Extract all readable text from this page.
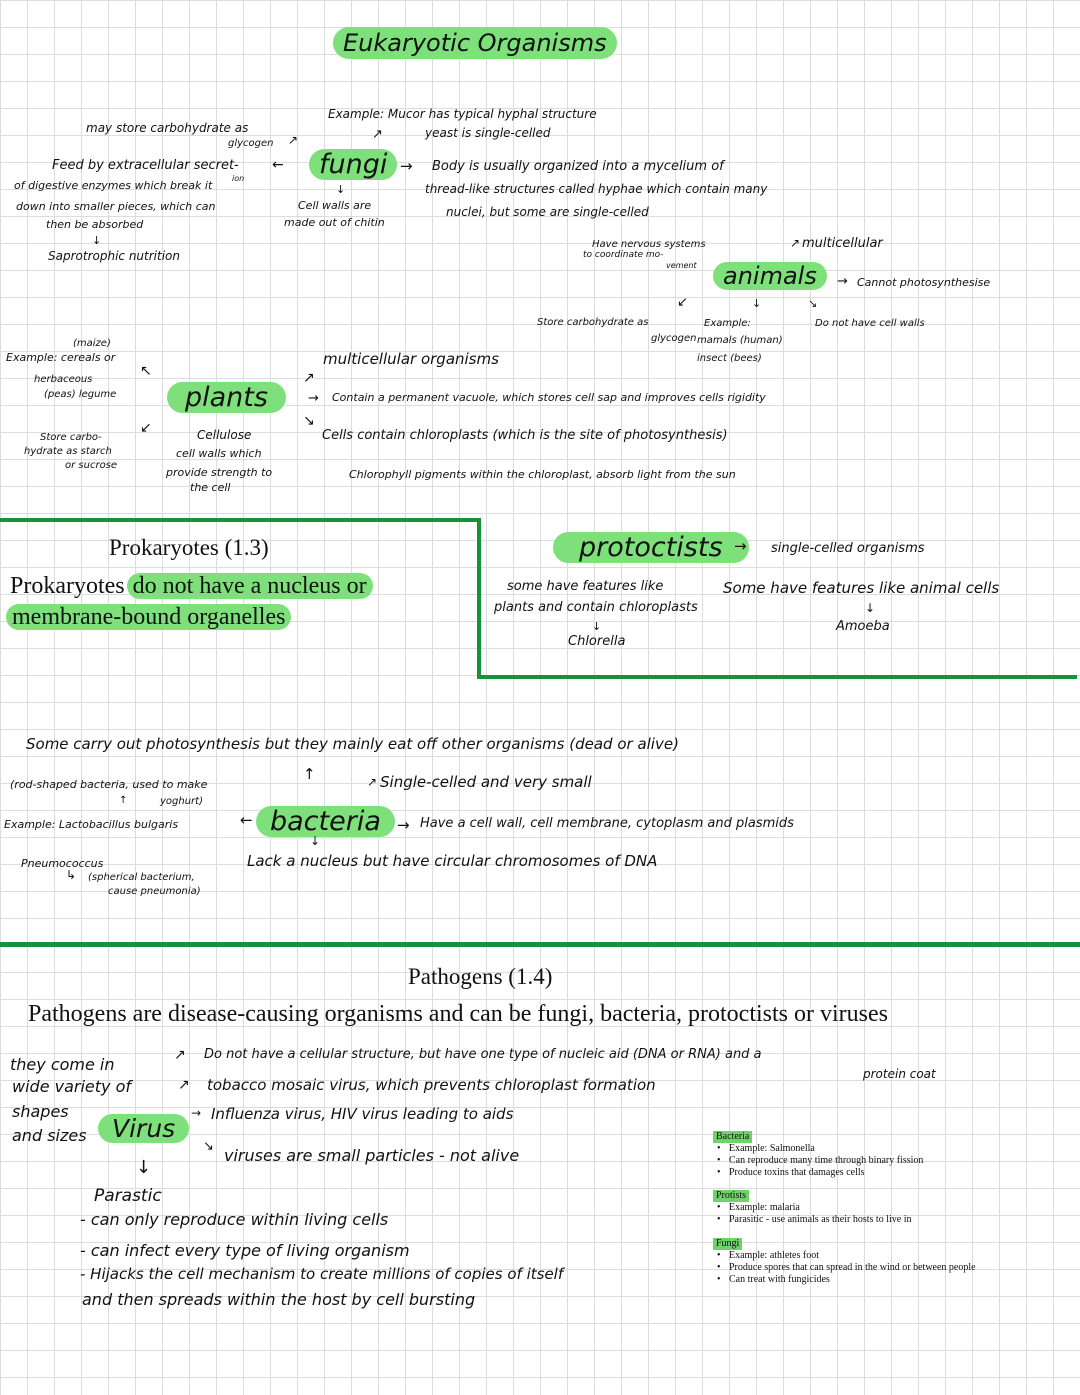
Eukaryotic Organisms
Example: Mucor has typical hyphal structure
↗	yeast is single-celled
may store carbohydrate as
glycogen ↗
Feed by extracellular secret- ←
ion
of digestive enzymes which break it
down into smaller pieces, which can
then be absorbed
↓
Saprotrophic nutrition
fungi
↓
Cell walls are
made out of chitin
→ Body is usually organized into a mycelium of
thread-like structures called hyphae which contain many
nuclei, but some are single-celled
Have nervous systems
to coordinate mo-
vement
↗ multicellular
animals	→ Cannot photosynthesise
↙	↓	↘
Store carbohydrate as
glycogen
Example:
mamals (human)
insect (bees)
Do not have cell walls
(maize)
Example: cereals or
↖
herbaceous
(peas) legume
↙
Store carbo-
hydrate as starch
or sucrose
plants
Cellulose
cell walls which
provide strength to
the cell
multicellular organisms
↗
→ Contain a permanent vacuole, which stores cell sap and improves cells rigidity
↘
Cells contain chloroplasts (which is the site of photosynthesis)
Chlorophyll pigments within the chloroplast, absorb light from the sun
Prokaryotes (1.3)
Prokaryotes do not have a nucleus or
membrane-bound organelles
protoctists → single-celled organisms
some have features like
plants and contain chloroplasts
↓
Chlorella
Some have features like animal cells
↓
Amoeba
Some carry out photosynthesis but they mainly eat off other organisms (dead or alive)
(rod-shaped bacteria, used to make
↑	yoghurt)
Example: Lactobacillus bulgaris
↑	↗ Single-celled and very small
← bacteria	→ Have a cell wall, cell membrane, cytoplasm and plasmids
↓
Lack a nucleus but have circular chromosomes of DNA
Pneumococcus
↳ (spherical bacterium,
cause pneumonia)
Pathogens (1.4)
Pathogens are disease-causing organisms and can be fungi, bacteria, protoctists or viruses
they come in
wide variety of
shapes
and sizes
↗
↗
→
Virus
Do not have a cellular structure, but have one type of nucleic aid (DNA or RNA) and a
protein coat
tobacco mosaic virus, which prevents chloroplast formation
Influenza virus, HIV virus leading to aids
↘ viruses are small particles - not alive
↓
Parastic
- can only reproduce within living cells
- can infect every type of living organism
- Hijacks the cell mechanism to create millions of copies of itself
and then spreads within the host by cell bursting
Bacteria
• Example: Salmonella
• Can reproduce many time through binary fission
• Produce toxins that damages cells
Protists
• Example: malaria
• Parasitic - use animals as their hosts to live in
Fungi
• Example: athletes foot
• Produce spores that can spread in the wind or between people
• Can treat with fungicides
